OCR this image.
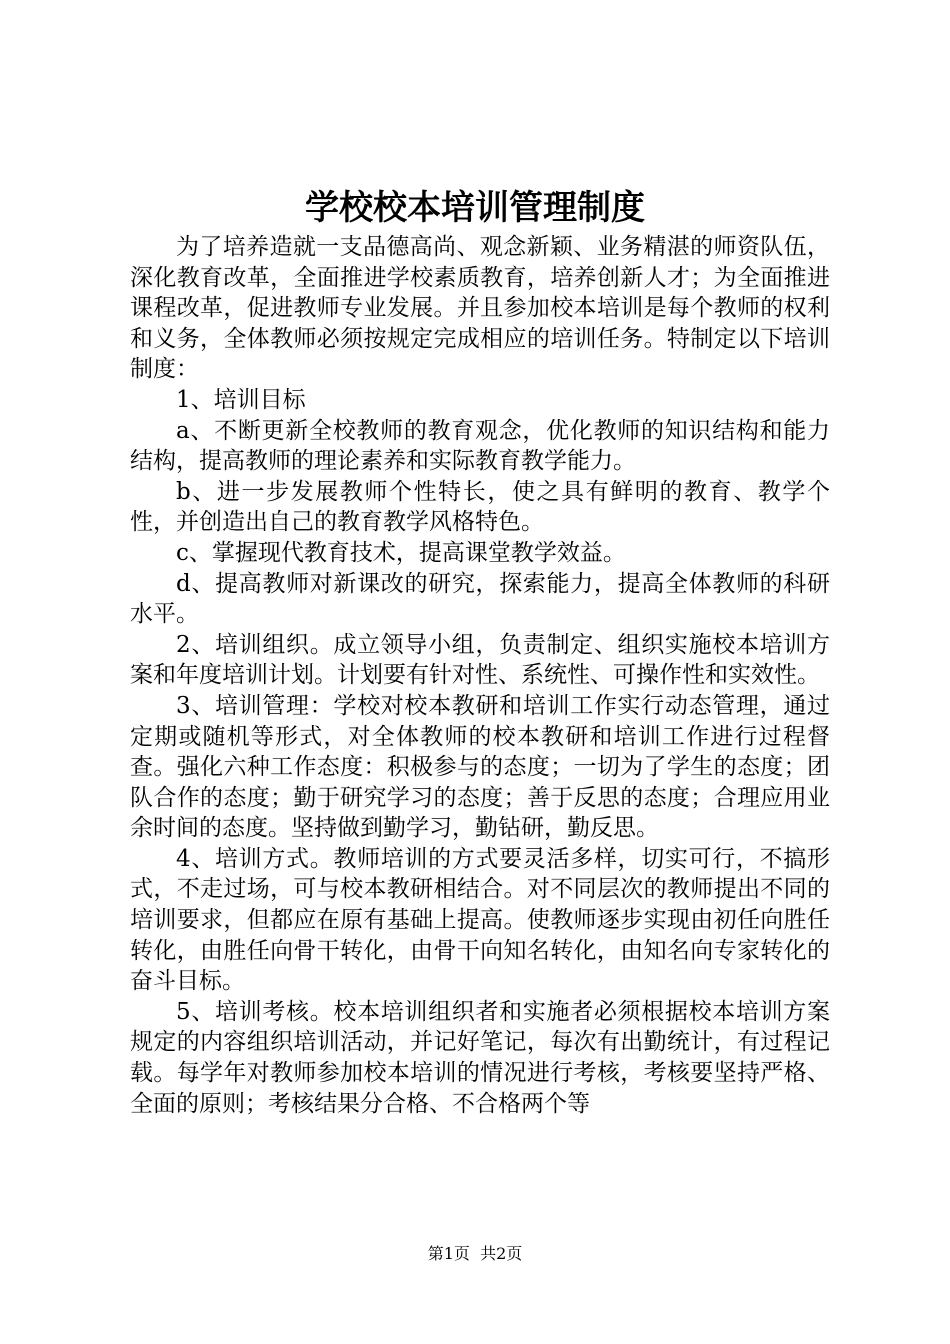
学校校本培训管理制度

为了培养造就一支品德高尚、观念新颖、业务精湛的师资队伍，深化教育改革，全面推进学校素质教育，培养创新人才；为全面推进课程改革，促进教师专业发展。并且参加校本培训是每个教师的权利和义务，全体教师必须按规定完成相应的培训任务。特制定以下培训制度：

1、培训目标

a、不断更新全校教师的教育观念，优化教师的知识结构和能力结构，提高教师的理论素养和实际教育教学能力。

b、进一步发展教师个性特长，使之具有鲜明的教育、教学个性，并创造出自己的教育教学风格特色。

c、掌握现代教育技术，提高课堂教学效益。

d、提高教师对新课改的研究，探索能力，提高全体教师的科研水平。

2、培训组织。成立领导小组，负责制定、组织实施校本培训方案和年度培训计划。计划要有针对性、系统性、可操作性和实效性。

3、培训管理：学校对校本教研和培训工作实行动态管理，通过定期或随机等形式，对全体教师的校本教研和培训工作进行过程督查。强化六种工作态度：积极参与的态度；一切为了学生的态度；团队合作的态度；勤于研究学习的态度；善于反思的态度；合理应用业余时间的态度。坚持做到勤学习，勤钻研，勤反思。

4、培训方式。教师培训的方式要灵活多样，切实可行，不搞形式，不走过场，可与校本教研相结合。对不同层次的教师提出不同的培训要求，但都应在原有基础上提高。使教师逐步实现由初任向胜任转化，由胜任向骨干转化，由骨干向知名转化，由知名向专家转化的奋斗目标。

5、培训考核。校本培训组织者和实施者必须根据校本培训方案规定的内容组织培训活动，并记好笔记，每次有出勤统计，有过程记载。每学年对教师参加校本培训的情况进行考核，考核要坚持严格、全面的原则；考核结果分合格、不合格两个等

第1页 共2页
